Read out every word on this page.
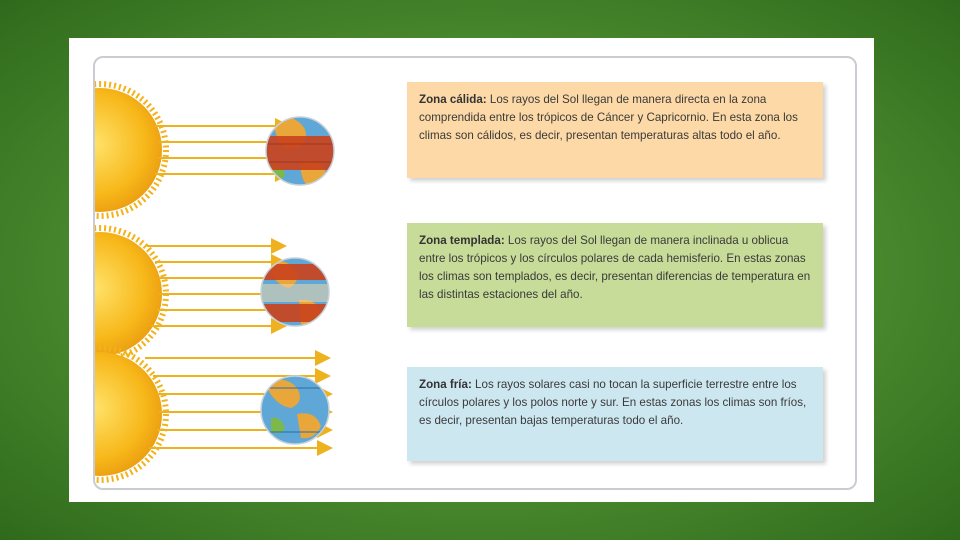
Zona cálida: Los rayos del Sol llegan de manera directa en la zona comprendida entre los trópicos de Cáncer y Capricornio. En esta zona los climas son cálidos, es decir, presentan temperaturas altas todo el año.
Zona templada: Los rayos del Sol llegan de manera inclinada u oblicua entre los trópicos y los círculos polares de cada hemisferio. En estas zonas los climas son templados, es decir, presentan diferencias de temperatura en las distintas estaciones del año.
Zona fría: Los rayos solares casi no tocan la superficie terrestre entre los círculos polares y los polos norte y sur. En estas zonas los climas son fríos, es decir, presentan bajas temperaturas todo el año.
